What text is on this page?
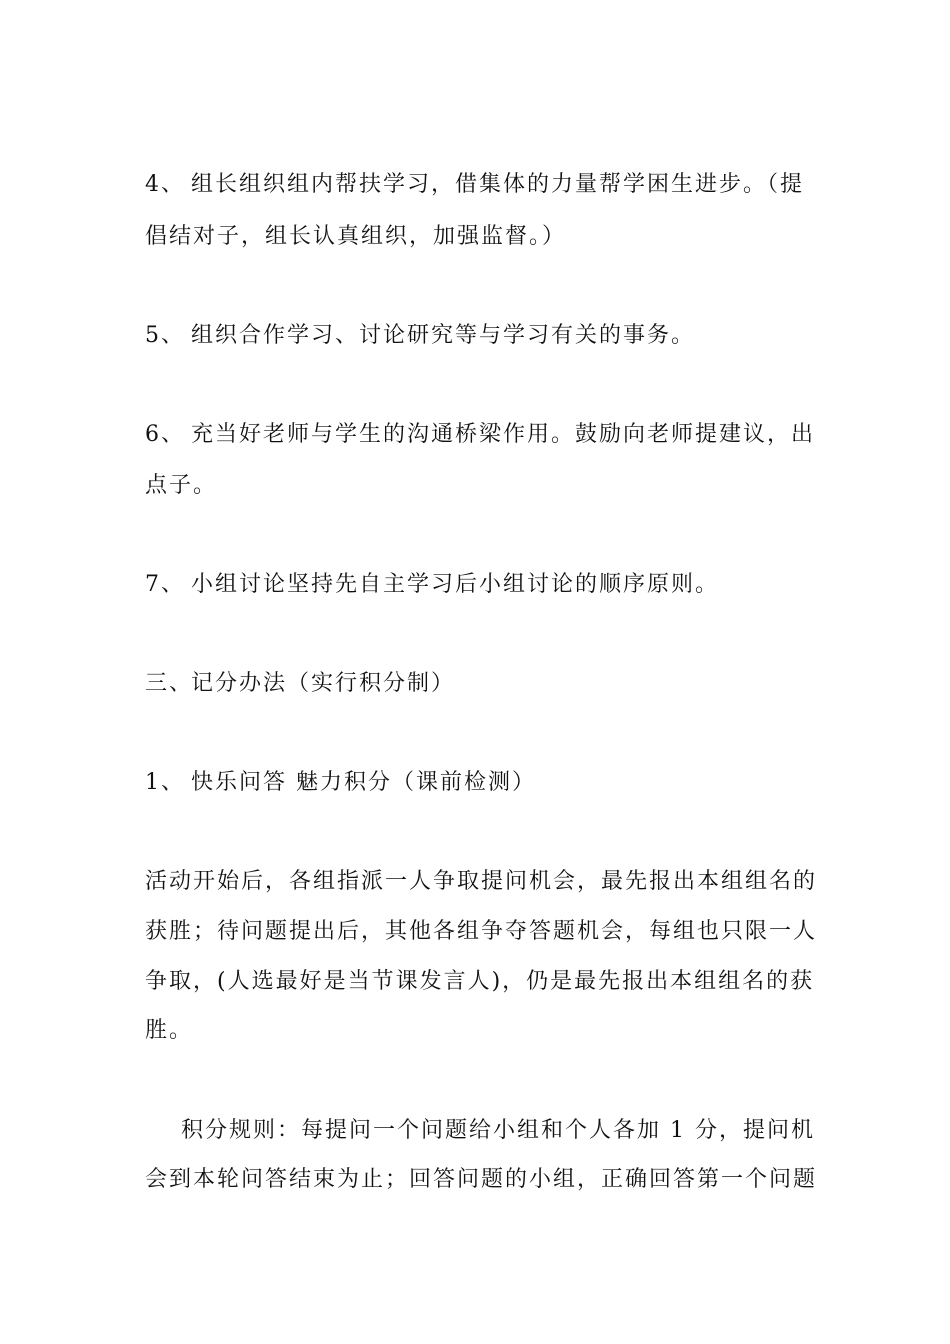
4、 组长组织组内帮扶学习，借集体的力量帮学困生进步。（提
倡结对子，组长认真组织，加强监督。）
5、 组织合作学习、讨论研究等与学习有关的事务。
6、 充当好老师与学生的沟通桥梁作用。鼓励向老师提建议，出
点子。
7、 小组讨论坚持先自主学习后小组讨论的顺序原则。
三、记分办法（实行积分制）
1、 快乐问答 魅力积分（课前检测）
活动开始后，各组指派一人争取提问机会，最先报出本组组名的
获胜；待问题提出后，其他各组争夺答题机会，每组也只限一人
争取，(人选最好是当节课发言人)，仍是最先报出本组组名的获
胜。
积分规则：每提问一个问题给小组和个人各加 1 分，提问机
会到本轮问答结束为止；回答问题的小组，正确回答第一个问题
